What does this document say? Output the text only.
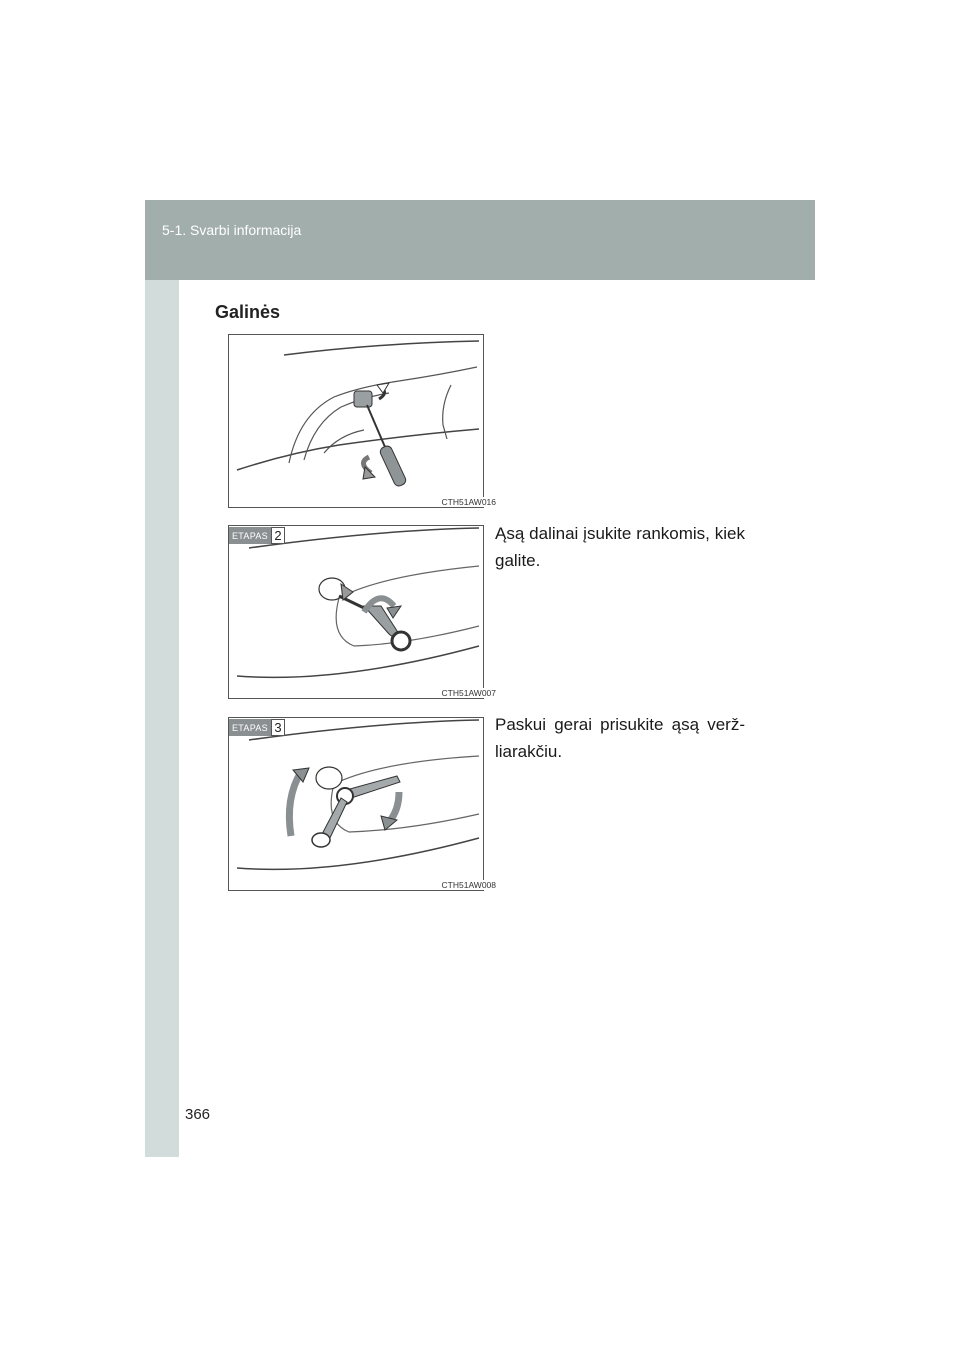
5-1. Svarbi informacija
Galinės
CTH51AW016
ETAPAS 2
CTH51AW007
ETAPAS 3
CTH51AW008
Ąsą dalinai įsukite rankomis, kiek galite.
Paskui gerai prisukite ąsą veržliarakčiu.
366
